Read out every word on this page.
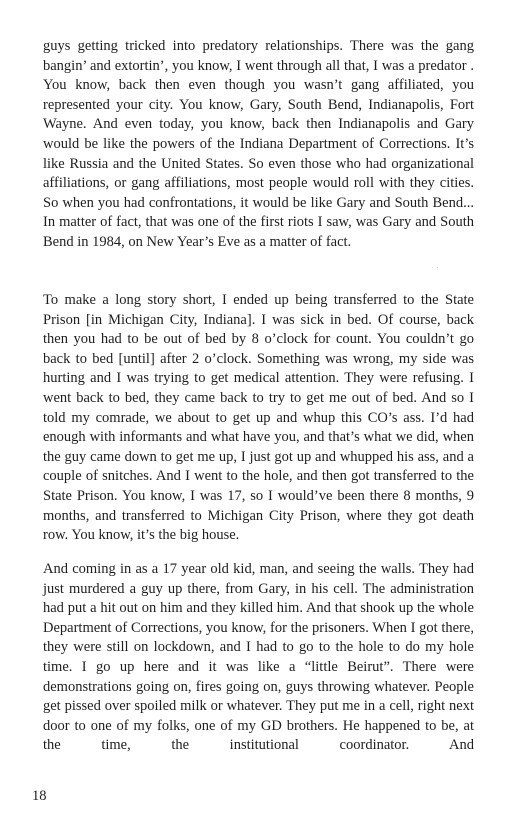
guys getting tricked into predatory relationships. There was the gang bangin’ and extortin’, you know, I went through all that, I was a predator . You know, back then even though you wasn’t gang affiliated, you represented your city. You know, Gary, South Bend, Indianapolis, Fort Wayne. And even today, you know, back then Indianapolis and Gary would be like the powers of the Indiana Department of Corrections. It’s like Russia and the United States. So even those who had organizational affiliations, or gang affiliations, most people would roll with they cities. So when you had confrontations, it would be like Gary and South Bend... In matter of fact, that was one of the first riots I saw, was Gary and South Bend in 1984, on New Year’s Eve as a matter of fact.

To make a long story short, I ended up being transferred to the State Prison [in Michigan City, Indiana]. I was sick in bed. Of course, back then you had to be out of bed by 8 o’clock for count. You couldn’t go back to bed [until] after 2 o’clock. Something was wrong, my side was hurting and I was trying to get medical attention. They were refusing. I went back to bed, they came back to try to get me out of bed. And so I told my comrade, we about to get up and whup this CO’s ass. I’d had enough with informants and what have you, and that’s what we did, when the guy came down to get me up, I just got up and whupped his ass, and a couple of snitches. And I went to the hole, and then got transferred to the State Prison. You know, I was 17, so I would’ve been there 8 months, 9 months, and transferred to Michigan City Prison, where they got death row. You know, it’s the big house.

And coming in as a 17 year old kid, man, and seeing the walls. They had just murdered a guy up there, from Gary, in his cell. The administration had put a hit out on him and they killed him. And that shook up the whole Department of Corrections, you know, for the prisoners. When I got there, they were still on lockdown, and I had to go to the hole to do my hole time. I go up here and it was like a “little Beirut”. There were demonstrations going on, fires going on, guys throwing whatever. People get pissed over spoiled milk or whatever. They put me in a cell, right next door to one of my folks, one of my GD brothers. He happened to be, at the time, the institutional coordinator. And

18
